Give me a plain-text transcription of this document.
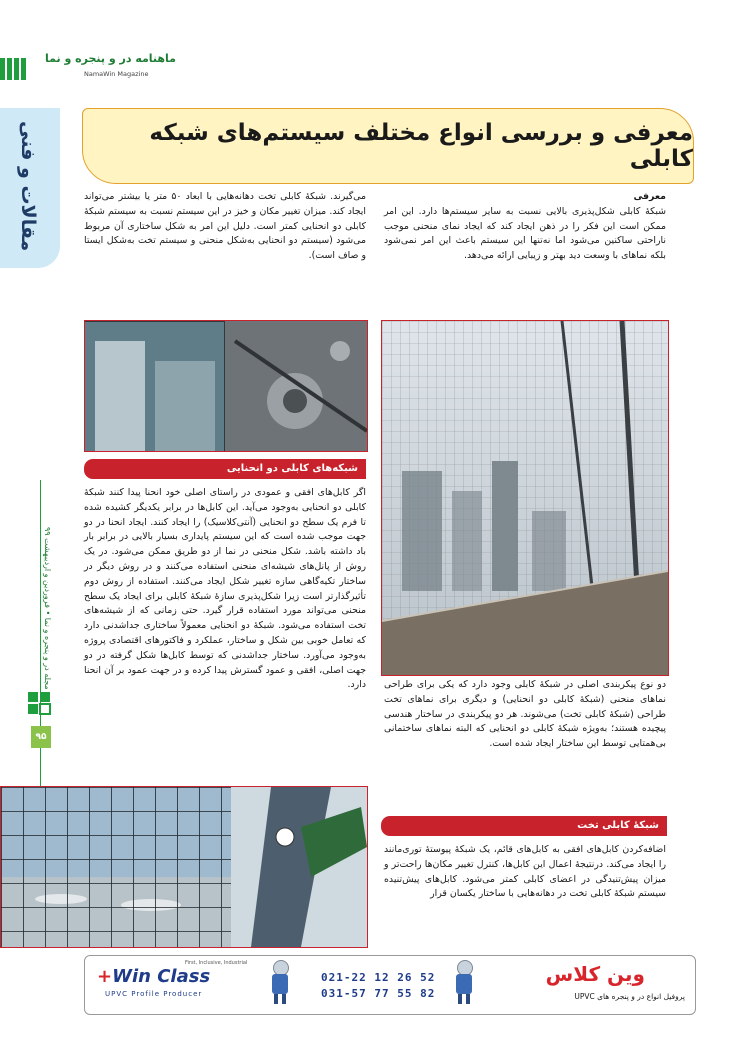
ماهنامه در و پنجره و نما
NamaWin Magazine
مقالات و فنی
مجله در و پنجره و نما • فروردین و اردیبهشت ۹۹
۹۵
معرفی و بررسی انواع مختلف سیستم‌های شبکه کابلی
معرفی
شبکهٔ کابلی شکل‌پذیری بالایی نسبت به سایر سیستم‌ها دارد. این امر ممکن است این فکر را در ذهن ایجاد کند که ایجاد نمای منحنی موجب ناراحتی ساکنین می‌شود اما نه‌تنها این سیستم باعث این امر نمی‌شود بلکه نماهای با وسعت دید بهتر و زیبایی ارائه می‌دهد.
می‌گیرند. شبکهٔ کابلی تخت دهانه‌هایی با ابعاد ۵۰ متر یا بیشتر می‌تواند ایجاد کند. میزان تغییر مکان و خیز در این سیستم نسبت به سیستم شبکهٔ کابلی دو انحنایی کمتر است. دلیل این امر به شکل ساختاری آن مربوط می‌شود (سیستم دو انحنایی به‌شکل منحنی و سیستم تخت به‌شکل ایستا و صاف است).
شبکه‌های کابلی دو انحنایی
اگر کابل‌های افقی و عمودی در راستای اصلی خود انحنا پیدا کنند شبکهٔ کابلی دو انحنایی به‌وجود می‌آید. این کابل‌ها در برابر یکدیگر کشیده شده تا فرم یک سطح دو انحنایی (آنتی‌کلاسیک) را ایجاد کنند. ایجاد انحنا در دو جهت موجب شده است که این سیستم پایداری بسیار بالایی در برابر بار باد داشته باشد. شکل منحنی در نما از دو طریق ممکن می‌شود. در یک روش از پانل‌های شیشه‌ای منحنی استفاده می‌کنند و در روش دیگر در ساختار تکیه‌گاهی سازه تغییر شکل ایجاد می‌کنند. استفاده از روش دوم تأثیرگذارتر است زیرا شکل‌پذیری سازهٔ شبکهٔ کابلی برای ایجاد یک سطح منحنی می‌تواند مورد استفاده قرار گیرد. حتی زمانی که از شیشه‌های تخت استفاده می‌شود. شبکهٔ دو انحنایی معمولاً ساختاری جداشدنی دارد که تعامل خوبی بین شکل و ساختار، عملکرد و فاکتورهای اقتصادی پروژه به‌وجود می‌آورد. ساختار جداشدنی که توسط کابل‌ها شکل گرفته در دو جهت اصلی، افقی و عمود گسترش پیدا کرده و در جهت عمود بر آن انحنا دارد. دو نوع پیکربندی اصلی در شبکهٔ کابلی وجود دارد که یکی برای طراحی نماهای منحنی (شبکهٔ کابلی دو انحنایی) و دیگری برای نماهای تخت طراحی (شبکهٔ کابلی تخت) می‌شوند. هر دو پیکربندی در ساختار هندسی پیچیده هستند؛ به‌ویژه شبکهٔ کابلی دو انحنایی که البته نماهای ساختمانی بی‌همتایی توسط این ساختار ایجاد شده است.
شبکهٔ کابلی تخت
اضافه‌کردن کابل‌های افقی به کابل‌های قائم، یک شبکهٔ پیوستهٔ توری‌مانند را ایجاد می‌کند. درنتیجهٔ اعمال این کابل‌ها، کنترل تغییر مکان‌ها راحت‌تر و میزان پیش‌تنیدگی در اعضای کابلی کمتر می‌شود. کابل‌های پیش‌تنیده سیستم شبکهٔ کابلی تخت در دهانه‌هایی با ساختار یکسان قرار
First, Inclusive, Industrial
+Win Class
UPVC Profile Producer
021-22 12 26 52
031-57 77 55 82
وین کلاس
پروفیل انواع در و پنجره های UPVC
